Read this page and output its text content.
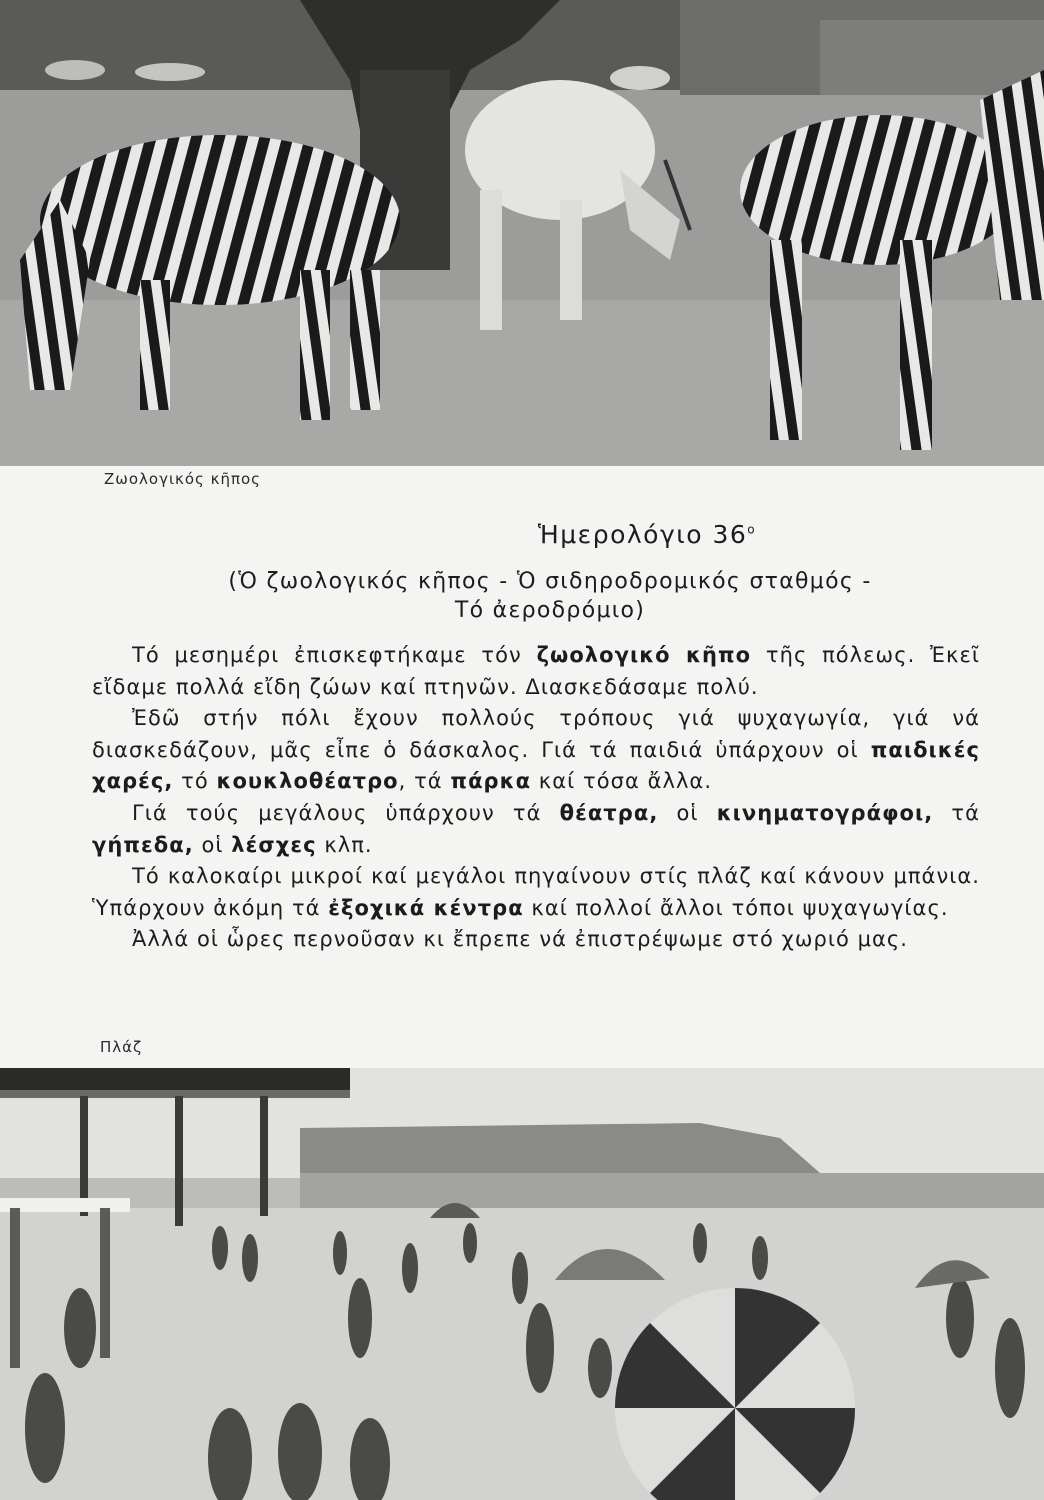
Ζωολογικός κῆπος
Ἡμερολόγιο $36^o$
(Ὁ ζωολογικός κῆπος - Ὁ σιδηροδρομικός σταθμός -
Τό ἀεροδρόμιο)

Τό μεσημέρι ἐπισκεφτήκαμε τόν ζωολογικό κῆπο τῆς πόλεως. Ἐκεῖ εἴδαμε πολλά εἴδη ζώων καί πτηνῶν. Διασκεδάσαμε πολύ.

Ἐδῶ στήν πόλι ἔχουν πολλούς τρόπους γιά ψυχαγωγία, γιά νά διασκεδάζουν, μᾶς εἶπε ὁ δάσκαλος. Γιά τά παιδιά ὑπάρχουν οἱ παιδικές χαρές, τό κουκλοθέατρο, τά πάρκα καί τόσα ἄλλα.

Γιά τούς μεγάλους ὑπάρχουν τά θέατρα, οἱ κινηματογράφοι, τά γήπεδα, οἱ λέσχες κλπ.

Τό καλοκαίρι μικροί καί μεγάλοι πηγαίνουν στίς πλάζ καί κάνουν μπάνια. Ὑπάρχουν ἀκόμη τά ἐξοχικά κέντρα καί πολλοί ἄλλοι τόποι ψυχαγωγίας.

Ἀλλά οἱ ὧρες περνοῦσαν κι ἔπρεπε νά ἐπιστρέψωμε στό χωριό μας.

Πλάζ
